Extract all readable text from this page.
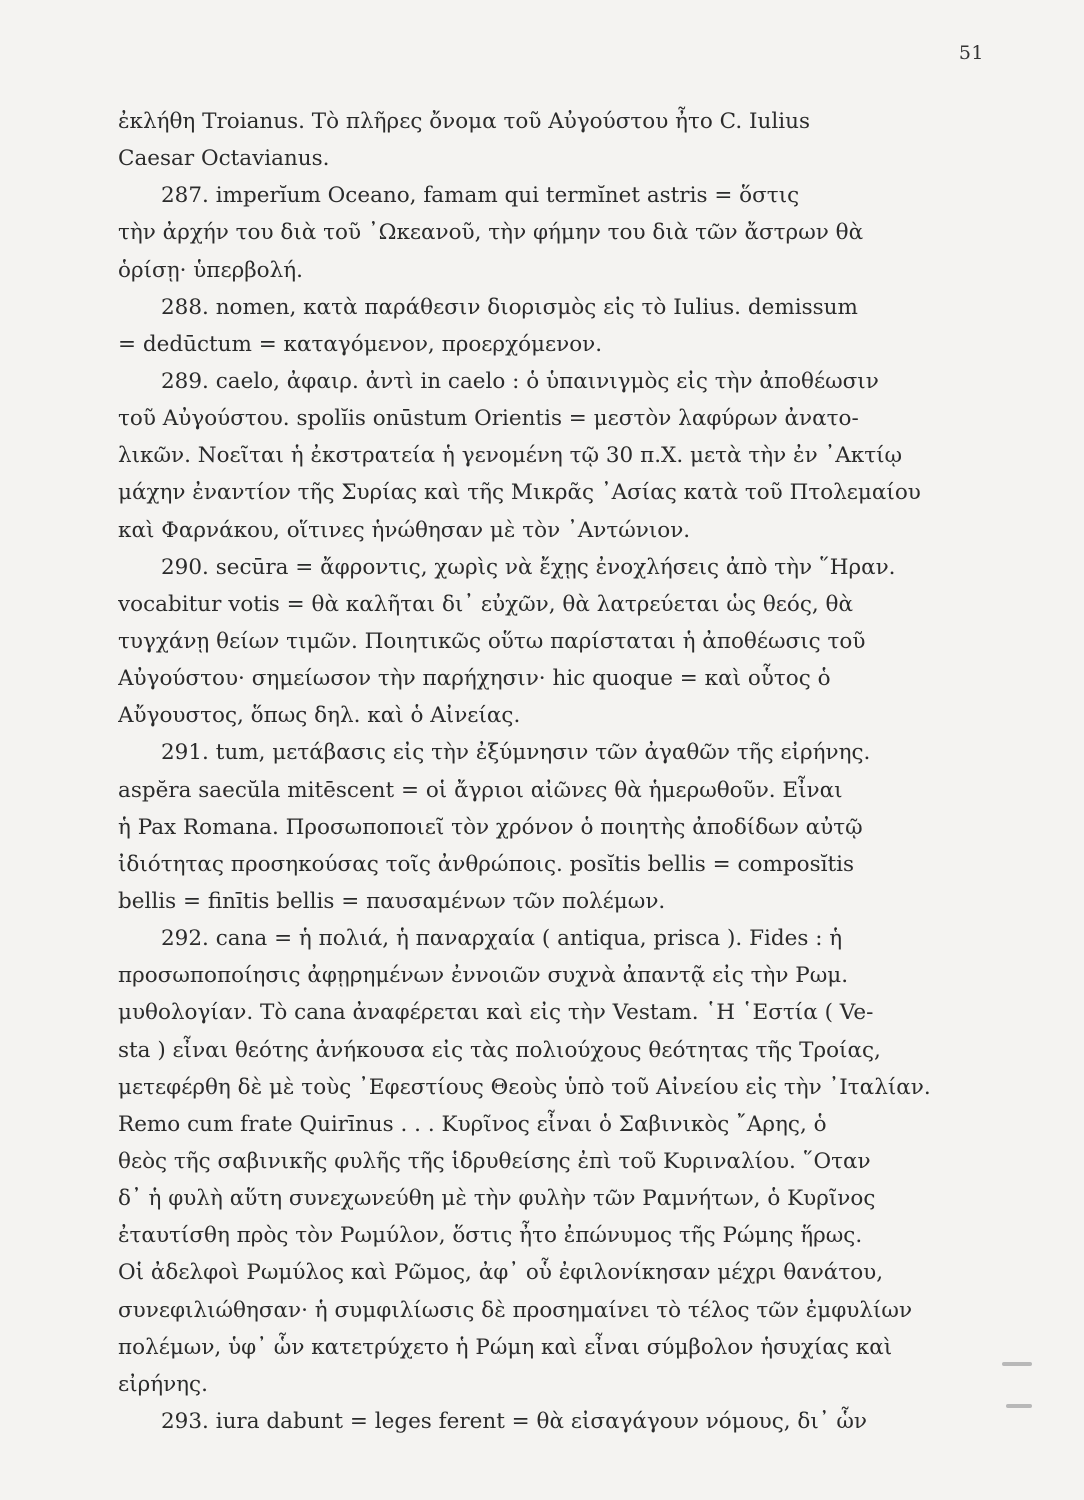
51
ἐκλήθη Troianus. Τὸ πλῆρες ὄνομα τοῦ Αὐγούστου ἦτο C. Iulius
Caesar Octavianus.
287. imperĭum Oceano, famam qui termĭnet astris = ὅστις
τὴν ἀρχήν του διὰ τοῦ ᾿Ωκεανοῦ, τὴν φήμην του διὰ τῶν ἄστρων θὰ
ὁρίσῃ· ὑπερβολή.
288. nomen, κατὰ παράθεσιν διορισμὸς εἰς τὸ Iulius. demissum
= dedūctum = καταγόμενον, προερχόμενον.
289. caelo, ἀφαιρ. ἀντὶ in caelo : ὁ ὑπαινιγμὸς εἰς τὴν ἀποθέωσιν
τοῦ Αὐγούστου. spolĭis onūstum Orientis = μεστὸν λαφύρων ἀνατο-
λικῶν. Νοεῖται ἡ ἐκστρατεία ἡ γενομένη τῷ 30 π.Χ. μετὰ τὴν ἐν ᾿Ακτίῳ
μάχην ἐναντίον τῆς Συρίας καὶ τῆς Μικρᾶς ᾿Ασίας κατὰ τοῦ Πτολεμαίου
καὶ Φαρνάκου, οἵτινες ἡνώθησαν μὲ τὸν ᾿Αντώνιον.
290. secūra = ἄφροντις, χωρὶς νὰ ἔχῃς ἐνοχλήσεις ἀπὸ τὴν ῞Ηραν.
vocabitur votis = θὰ καλῆται δι᾿ εὐχῶν, θὰ λατρεύεται ὡς θεός, θὰ
τυγχάνῃ θείων τιμῶν. Ποιητικῶς οὕτω παρίσταται ἡ ἀποθέωσις τοῦ
Αὐγούστου· σημείωσον τὴν παρήχησιν· hic quoque = καὶ οὗτος ὁ
Αὔγουστος, ὅπως δηλ. καὶ ὁ Αἰνείας.
291. tum, μετάβασις εἰς τὴν ἐξύμνησιν τῶν ἀγαθῶν τῆς εἰρήνης.
aspĕra saecŭla mitēscent = οἱ ἄγριοι αἰῶνες θὰ ἡμερωθοῦν. Εἶναι
ἡ Pax Romana. Προσωποποιεῖ τὸν χρόνον ὁ ποιητὴς ἀποδίδων αὐτῷ
ἰδιότητας προσηκούσας τοῖς ἀνθρώποις. posĭtis bellis = composĭtis
bellis = finītis bellis = παυσαμένων τῶν πολέμων.
292. cana = ἡ πολιά, ἡ παναρχαία ( antiqua, prisca ). Fides : ἡ
προσωποποίησις ἀφῃρημένων ἐννοιῶν συχνὰ ἀπαντᾷ εἰς τὴν Ρωμ.
μυθολογίαν. Τὸ cana ἀναφέρεται καὶ εἰς τὴν Vestam. ῾Η ῾Εστία ( Ve-
sta ) εἶναι θεότης ἀνήκουσα εἰς τὰς πολιούχους θεότητας τῆς Τροίας,
μετεφέρθη δὲ μὲ τοὺς ᾿Εφεστίους Θεοὺς ὑπὸ τοῦ Αἰνείου εἰς τὴν ᾿Ιταλίαν.
Remo cum frate Quirīnus . . . Κυρῖνος εἶναι ὁ Σαβινικὸς ῎Αρης, ὁ
θεὸς τῆς σαβινικῆς φυλῆς τῆς ἱδρυθείσης ἐπὶ τοῦ Κυριναλίου. ῞Οταν
δ᾿ ἡ φυλὴ αὕτη συνεχωνεύθη μὲ τὴν φυλὴν τῶν Ραμνήτων, ὁ Κυρῖνος
ἐταυτίσθη πρὸς τὸν Ρωμύλον, ὅστις ἦτο ἐπώνυμος τῆς Ρώμης ἥρως.
Οἱ ἀδελφοὶ Ρωμύλος καὶ Ρῶμος, ἀφ᾿ οὗ ἐφιλονίκησαν μέχρι θανάτου,
συνεφιλιώθησαν· ἡ συμφιλίωσις δὲ προσημαίνει τὸ τέλος τῶν ἐμφυλίων
πολέμων, ὑφ᾿ ὧν κατετρύχετο ἡ Ρώμη καὶ εἶναι σύμβολον ἡσυχίας καὶ
εἰρήνης.
293. iura dabunt = leges ferent = θὰ εἰσαγάγουν νόμους, δι᾿ ὧν
